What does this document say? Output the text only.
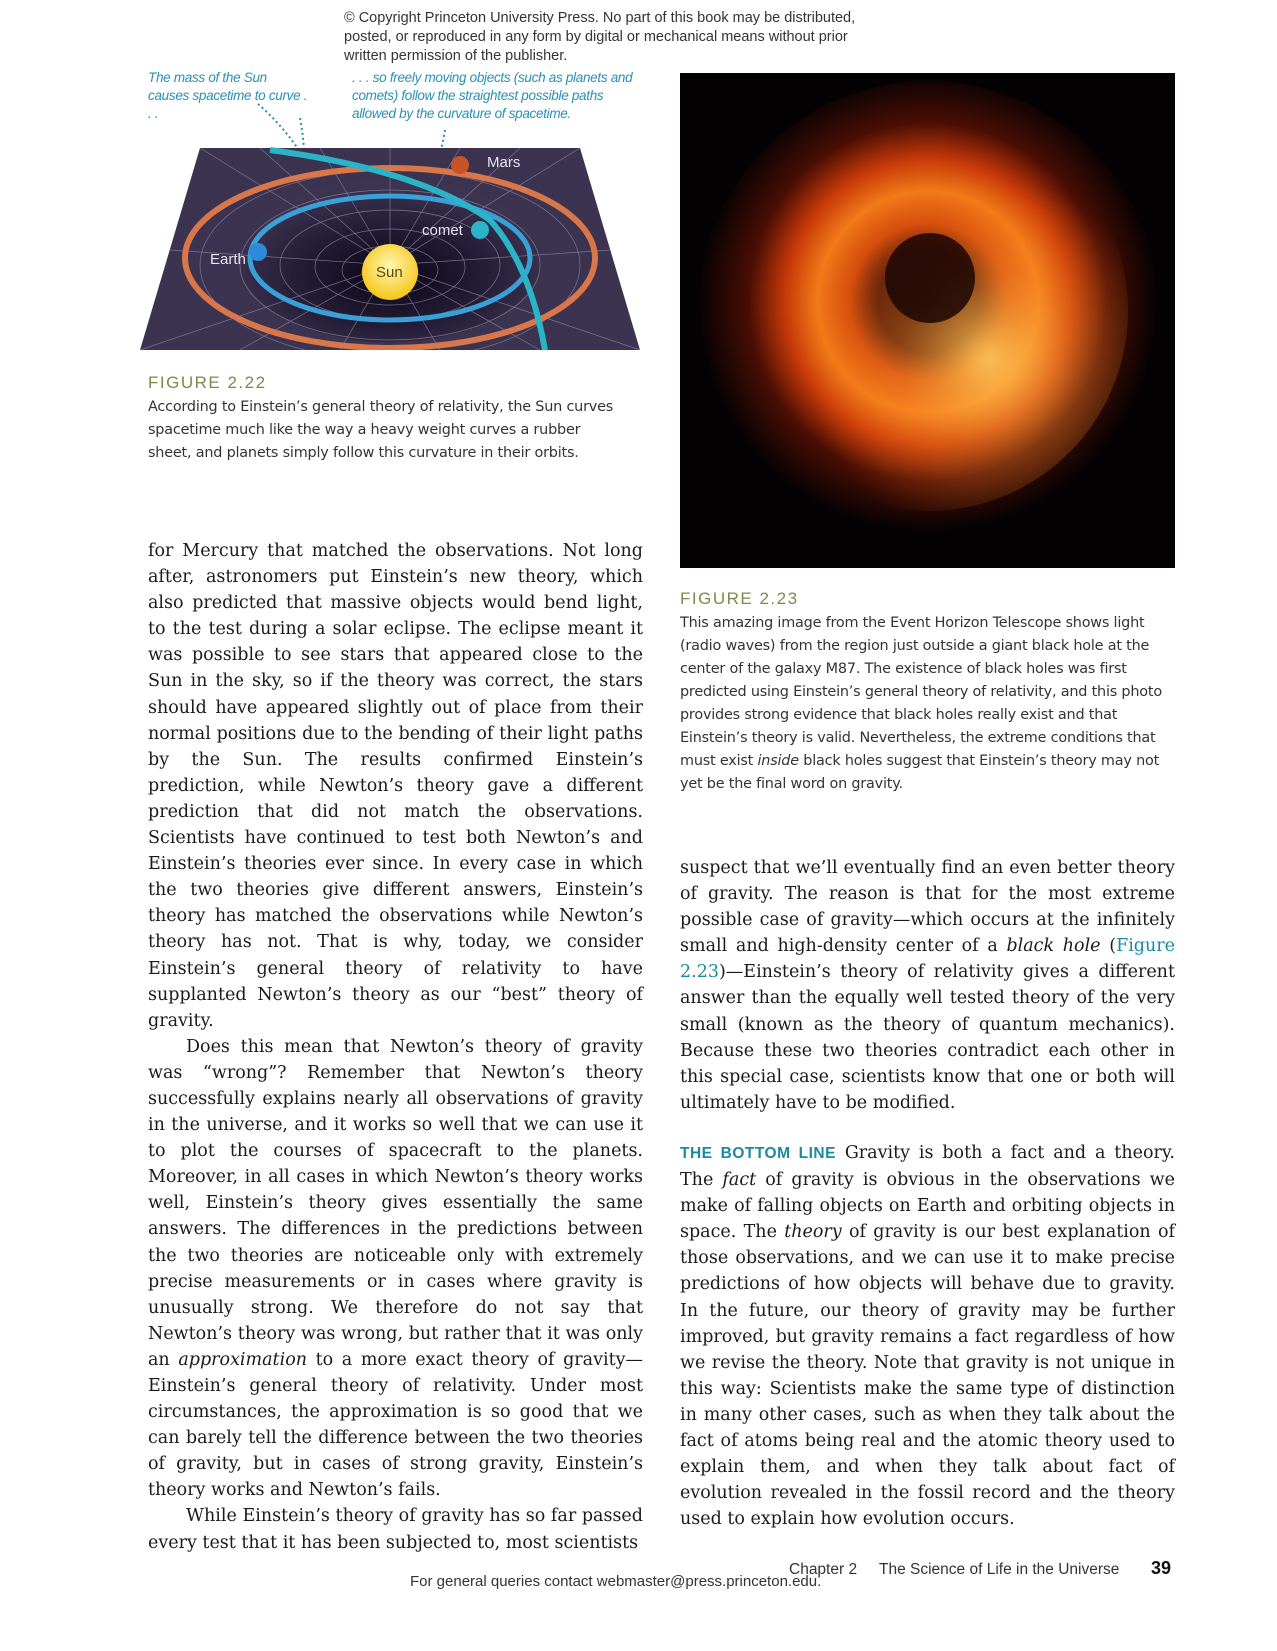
© Copyright Princeton University Press. No part of this book may be distributed, posted, or reproduced in any form by digital or mechanical means without prior written permission of the publisher.
The mass of the Sun causes spacetime to curve . . .
. . . so freely moving objects (such as planets and comets) follow the straightest possible paths allowed by the curvature of spacetime.
Mars
comet
Earth
Sun
FIGURE 2.22
According to Einstein’s general theory of relativity, the Sun curves spacetime much like the way a heavy weight curves a rubber sheet, and planets simply follow this curvature in their orbits.
FIGURE 2.23
This amazing image from the Event Horizon Telescope shows light (radio waves) from the region just outside a giant black hole at the center of the galaxy M87. The existence of black holes was first predicted using Einstein’s general theory of relativity, and this photo provides strong evidence that black holes really exist and that Einstein’s theory is valid. Nevertheless, the extreme conditions that must exist inside black holes suggest that Einstein’s theory may not yet be the final word on gravity.

for Mercury that matched the observations. Not long after, astronomers put Einstein’s new theory, which also predicted that massive objects would bend light, to the test during a solar eclipse. The eclipse meant it was possible to see stars that appeared close to the Sun in the sky, so if the theory was correct, the stars should have appeared slightly out of place from their normal positions due to the bending of their light paths by the Sun. The results confirmed Einstein’s prediction, while Newton’s theory gave a different prediction that did not match the observations. Scientists have continued to test both Newton’s and Einstein’s theories ever since. In every case in which the two theories give different answers, Einstein’s theory has matched the observations while Newton’s theory has not. That is why, today, we consider Einstein’s general theory of relativity to have supplanted Newton’s theory as our “best” theory of gravity.

Does this mean that Newton’s theory of gravity was “wrong”? Remember that Newton’s theory successfully explains nearly all observations of gravity in the universe, and it works so well that we can use it to plot the courses of spacecraft to the planets. Moreover, in all cases in which Newton’s theory works well, Einstein’s theory gives essentially the same answers. The differences in the predictions between the two theories are noticeable only with extremely precise measurements or in cases where gravity is unusually strong. We therefore do not say that Newton’s theory was wrong, but rather that it was only an approximation to a more exact theory of gravity—Einstein’s general theory of relativity. Under most circumstances, the approximation is so good that we can barely tell the difference between the two theories of gravity, but in cases of strong gravity, Einstein’s theory works and Newton’s fails.

While Einstein’s theory of gravity has so far passed every test that it has been subjected to, most scientists

suspect that we’ll eventually find an even better theory of gravity. The reason is that for the most extreme possible case of gravity—which occurs at the infinitely small and high-density center of a black hole (Figure 2.23)—Einstein’s theory of relativity gives a different answer than the equally well tested theory of the very small (known as the theory of quantum mechanics). Because these two theories contradict each other in this special case, scientists know that one or both will ultimately have to be modified.

THE BOTTOM LINE Gravity is both a fact and a theory. The fact of gravity is obvious in the observations we make of falling objects on Earth and orbiting objects in space. The theory of gravity is our best explanation of those observations, and we can use it to make precise predictions of how objects will behave due to gravity. In the future, our theory of gravity may be further improved, but gravity remains a fact regardless of how we revise the theory. Note that gravity is not unique in this way: Scientists make the same type of distinction in many other cases, such as when they talk about the fact of atoms being real and the atomic theory used to explain them, and when they talk about fact of evolution revealed in the fossil record and the theory used to explain how evolution occurs.

Chapter 2 The Science of Life in the Universe 39
For general queries contact webmaster@press.princeton.edu.
